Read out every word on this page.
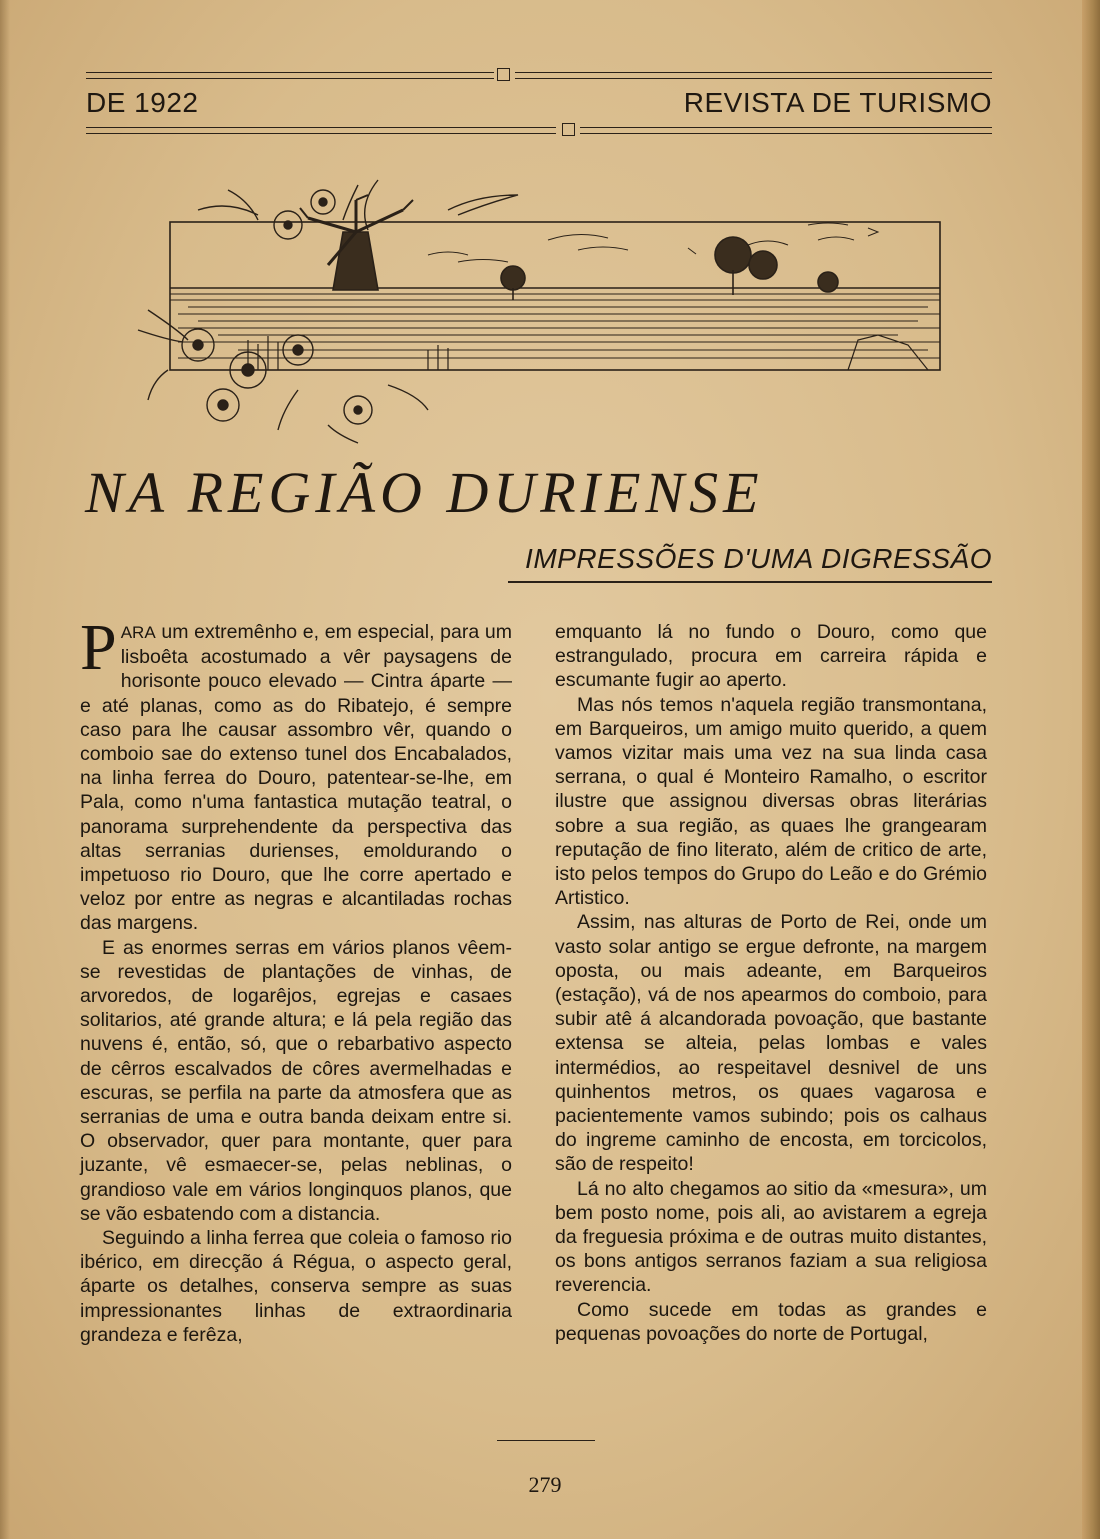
DE 1922	REVISTA DE TURISMO
NA REGIÃO DURIENSE
IMPRESSÕES D'UMA DIGRESSÃO

PARA um extremênho e, em especial, para um lisboêta acostumado a vêr paysagens de horisonte pouco elevado — Cintra áparte — e até planas, como as do Ribatejo, é sempre caso para lhe causar assombro vêr, quando o comboio sae do extenso tunel dos Encabalados, na linha ferrea do Douro, patentear-se-lhe, em Pala, como n'uma fantastica mutação teatral, o panorama surprehendente da perspectiva das altas serranias durienses, emoldurando o impetuoso rio Douro, que lhe corre apertado e veloz por entre as negras e alcantiladas rochas das margens.

E as enormes serras em vários planos vêem-se revestidas de plantações de vinhas, de arvoredos, de logarêjos, egrejas e casaes solitarios, até grande altura; e lá pela região das nuvens é, então, só, que o rebarbativo aspecto de cêrros escalvados de côres avermelhadas e escuras, se perfila na parte da atmosfera que as serranias de uma e outra banda deixam entre si. O observador, quer para montante, quer para juzante, vê esmaecer-se, pelas neblinas, o grandioso vale em vários longinquos planos, que se vão esbatendo com a distancia.

Seguindo a linha ferrea que coleia o famoso rio ibérico, em direcção á Régua, o aspecto geral, áparte os detalhes, conserva sempre as suas impressionantes linhas de extraordinaria grandeza e ferêza,

emquanto lá no fundo o Douro, como que estrangulado, procura em carreira rápida e escumante fugir ao aperto.

Mas nós temos n'aquela região transmontana, em Barqueiros, um amigo muito querido, a quem vamos vizitar mais uma vez na sua linda casa serrana, o qual é Monteiro Ramalho, o escritor ilustre que assignou diversas obras literárias sobre a sua região, as quaes lhe grangearam reputação de fino literato, além de critico de arte, isto pelos tempos do Grupo do Leão e do Grémio Artistico.

Assim, nas alturas de Porto de Rei, onde um vasto solar antigo se ergue defronte, na margem oposta, ou mais adeante, em Barqueiros (estação), vá de nos apearmos do comboio, para subir atê á alcandorada povoação, que bastante extensa se alteia, pelas lombas e vales intermédios, ao respeitavel desnivel de uns quinhentos metros, os quaes vagarosa e pacientemente vamos subindo; pois os calhaus do ingreme caminho de encosta, em torcicolos, são de respeito!

Lá no alto chegamos ao sitio da «mesura», um bem posto nome, pois ali, ao avistarem a egreja da freguesia próxima e de outras muito distantes, os bons antigos serranos faziam a sua religiosa reverencia.

Como sucede em todas as grandes e pequenas povoações do norte de Portugal,

279
